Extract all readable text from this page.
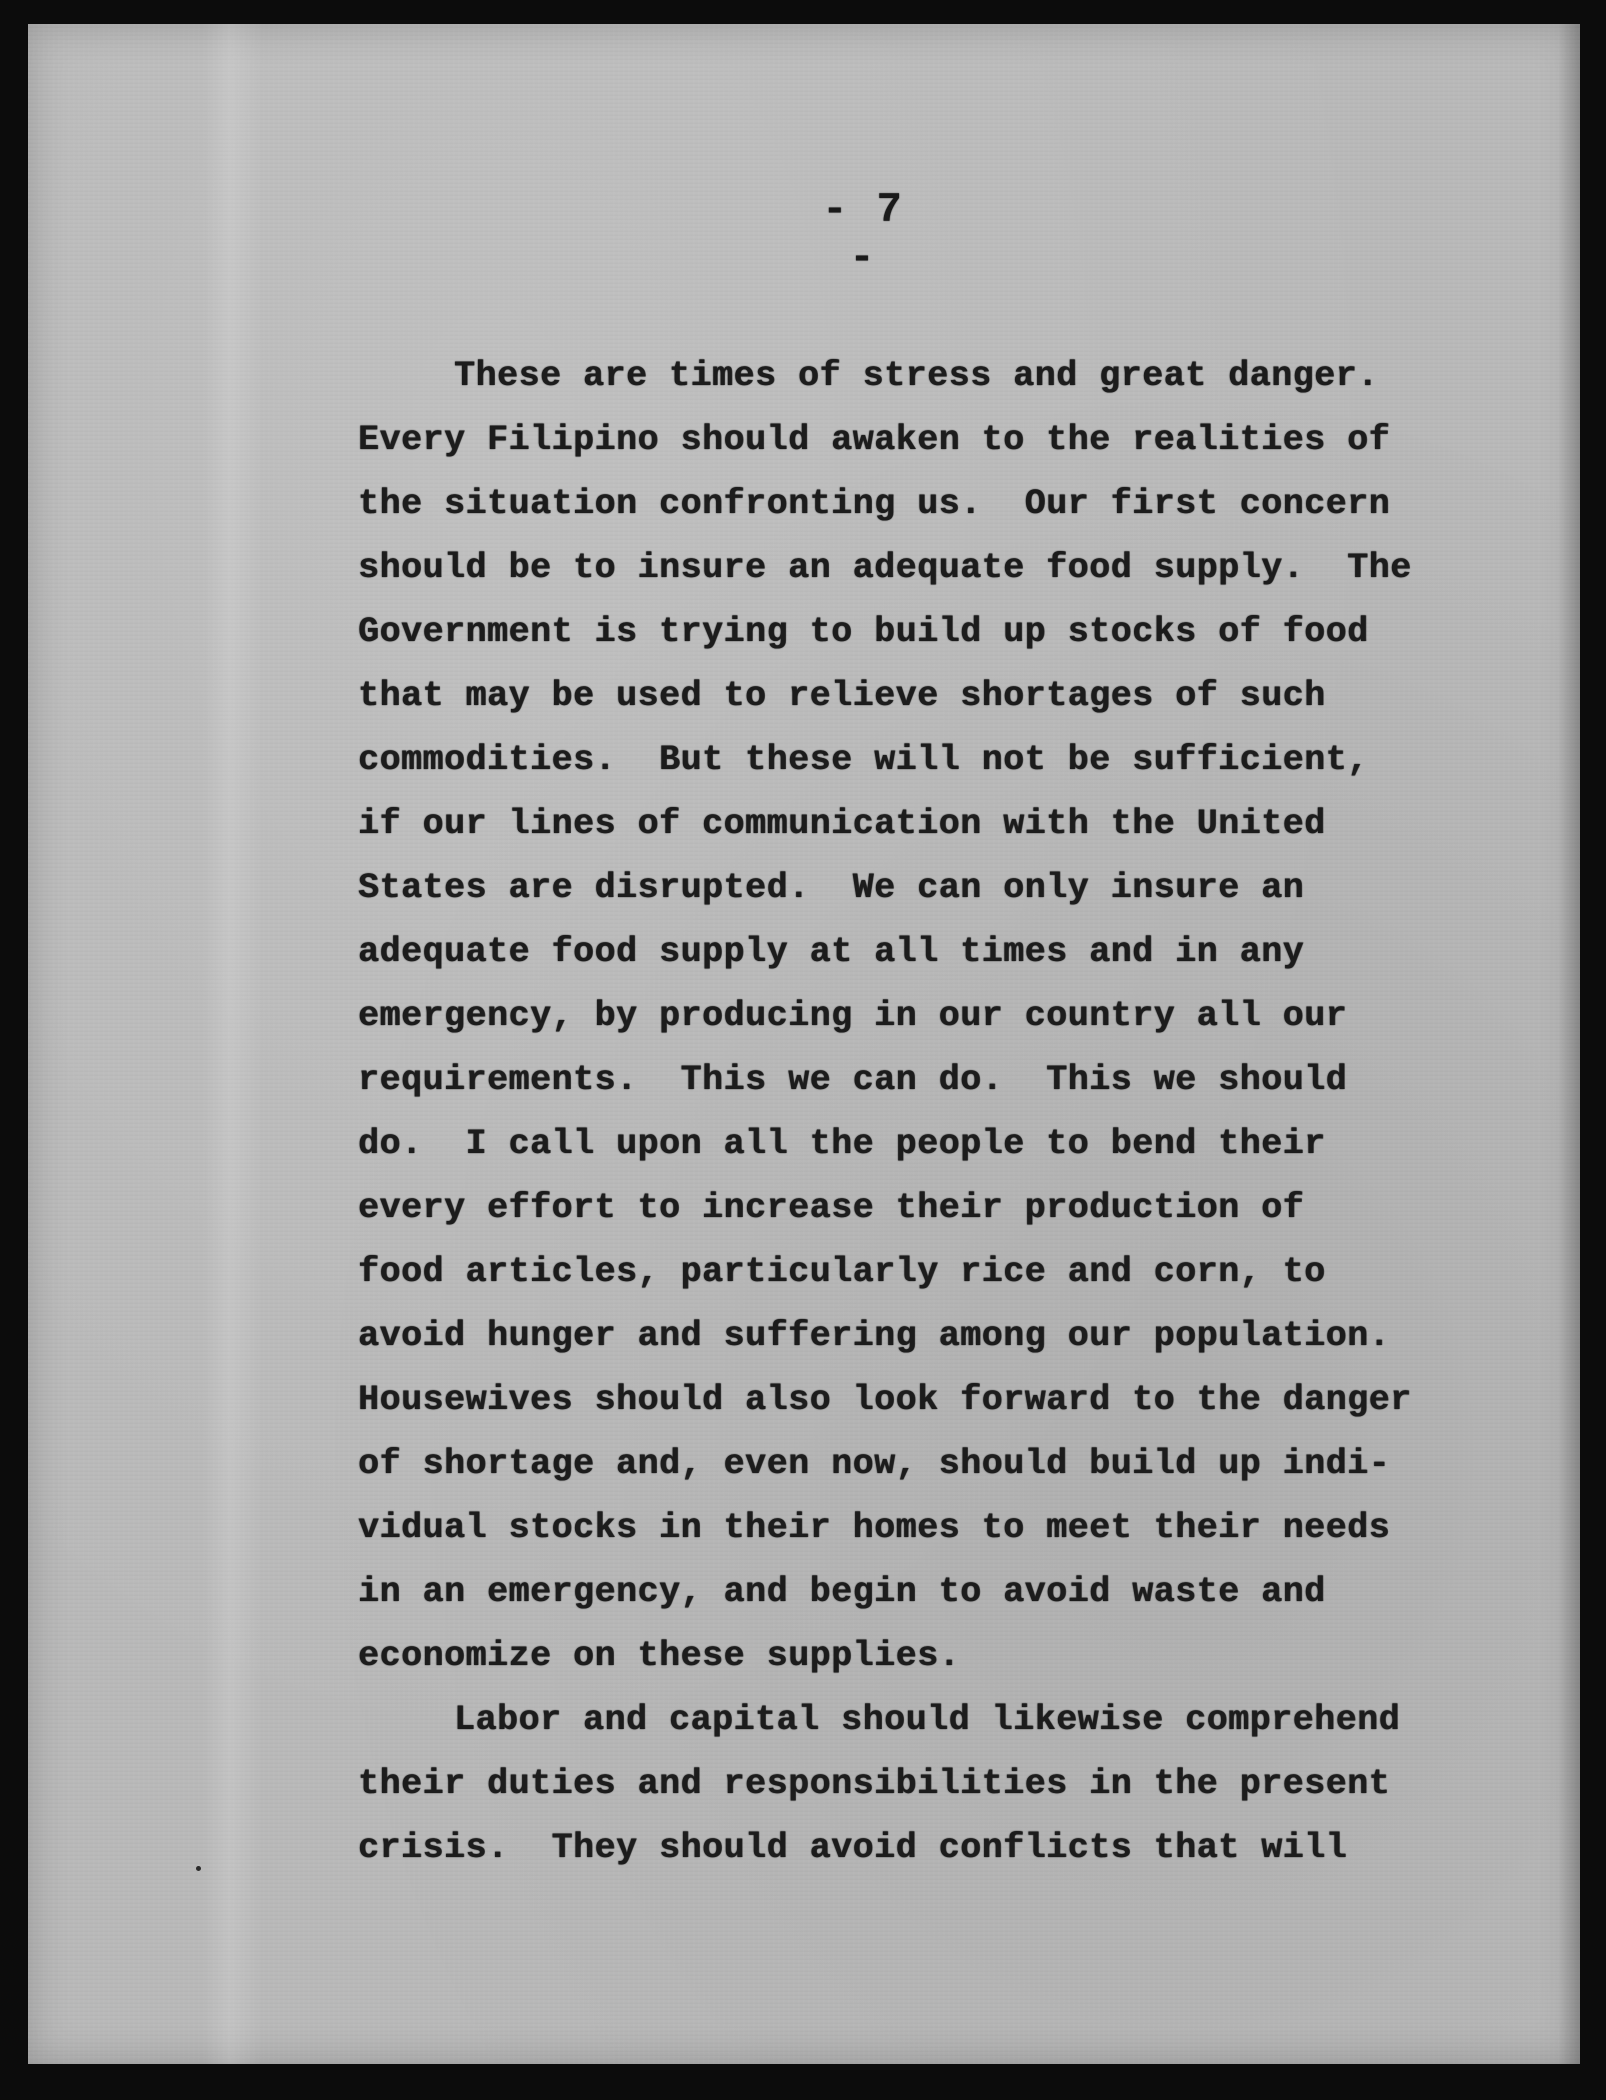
- 7 -
These are times of stress and great danger.
Every Filipino should awaken to the realities of
the situation confronting us.  Our first concern
should be to insure an adequate food supply.  The
Government is trying to build up stocks of food
that may be used to relieve shortages of such
commodities.  But these will not be sufficient,
if our lines of communication with the United
States are disrupted.  We can only insure an
adequate food supply at all times and in any
emergency, by producing in our country all our
requirements.  This we can do.  This we should
do.  I call upon all the people to bend their
every effort to increase their production of
food articles, particularly rice and corn, to
avoid hunger and suffering among our population.
Housewives should also look forward to the danger
of shortage and, even now, should build up indi-
vidual stocks in their homes to meet their needs
in an emergency, and begin to avoid waste and
economize on these supplies.
Labor and capital should likewise comprehend
their duties and responsibilities in the present
crisis.  They should avoid conflicts that will
